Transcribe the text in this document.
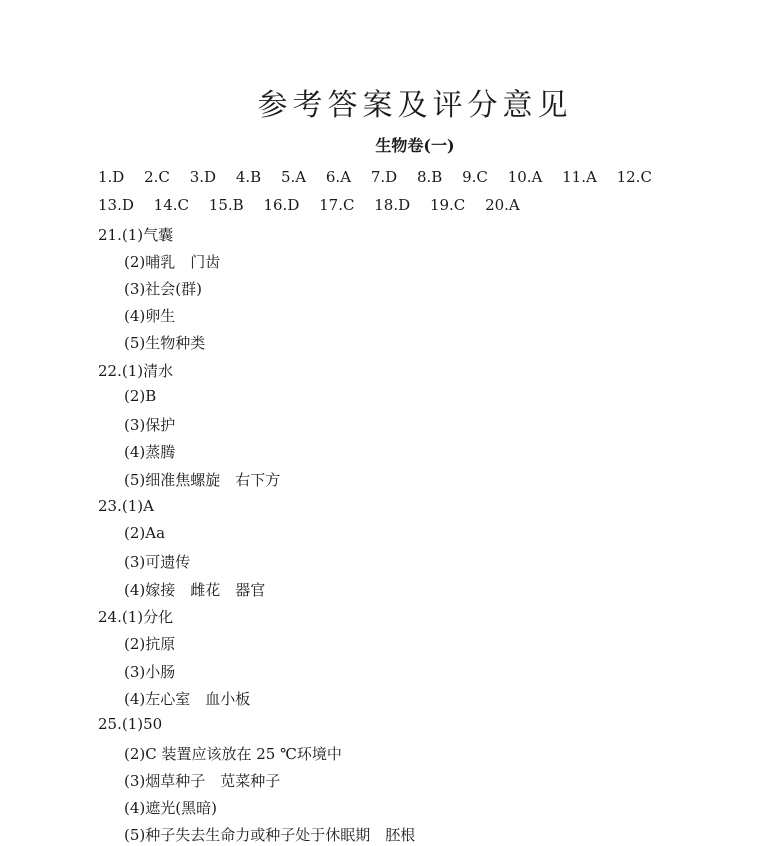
参考答案及评分意见
生物卷(一)
1.D 2.C 3.D 4.B 5.A 6.A 7.D 8.B 9.C 10.A 11.A 12.C
13.D 14.C 15.B 16.D 17.C 18.D 19.C 20.A
21.(1)气囊
(2)哺乳　门齿
(3)社会(群)
(4)卵生
(5)生物种类
22.(1)清水
(2)B
(3)保护
(4)蒸腾
(5)细准焦螺旋　右下方
23.(1)A
(2)Aa
(3)可遗传
(4)嫁接　雌花　器官
24.(1)分化
(2)抗原
(3)小肠
(4)左心室　血小板
25.(1)50
(2)C 装置应该放在 25 ℃环境中
(3)烟草种子　苋菜种子
(4)遮光(黑暗)
(5)种子失去生命力或种子处于休眠期　胚根
